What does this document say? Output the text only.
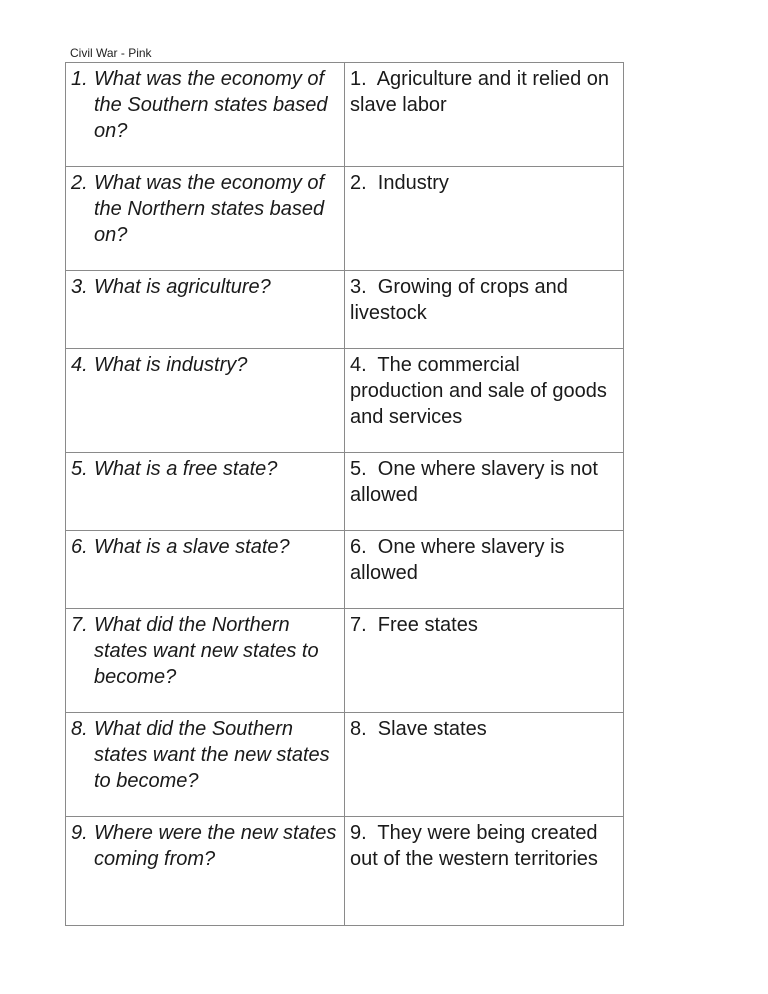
Civil War - Pink
1. What was the economy of the Southern states based on?	1.  Agriculture and it relied on slave labor

2. What was the economy of the Northern states based on?	2.  Industry

3. What is agriculture?	3.  Growing of crops and livestock

4. What is industry?	4.  The commercial production and sale of goods and services

5. What is a free state?	5.  One where slavery is not allowed

6. What is a slave state?	6.  One where slavery is allowed

7. What did the Northern states want new states to become?	7.  Free states

8. What did the Southern states want the new states to become?	8.  Slave states

9. Where were the new states coming from?	9.  They were being created out of the western territories
